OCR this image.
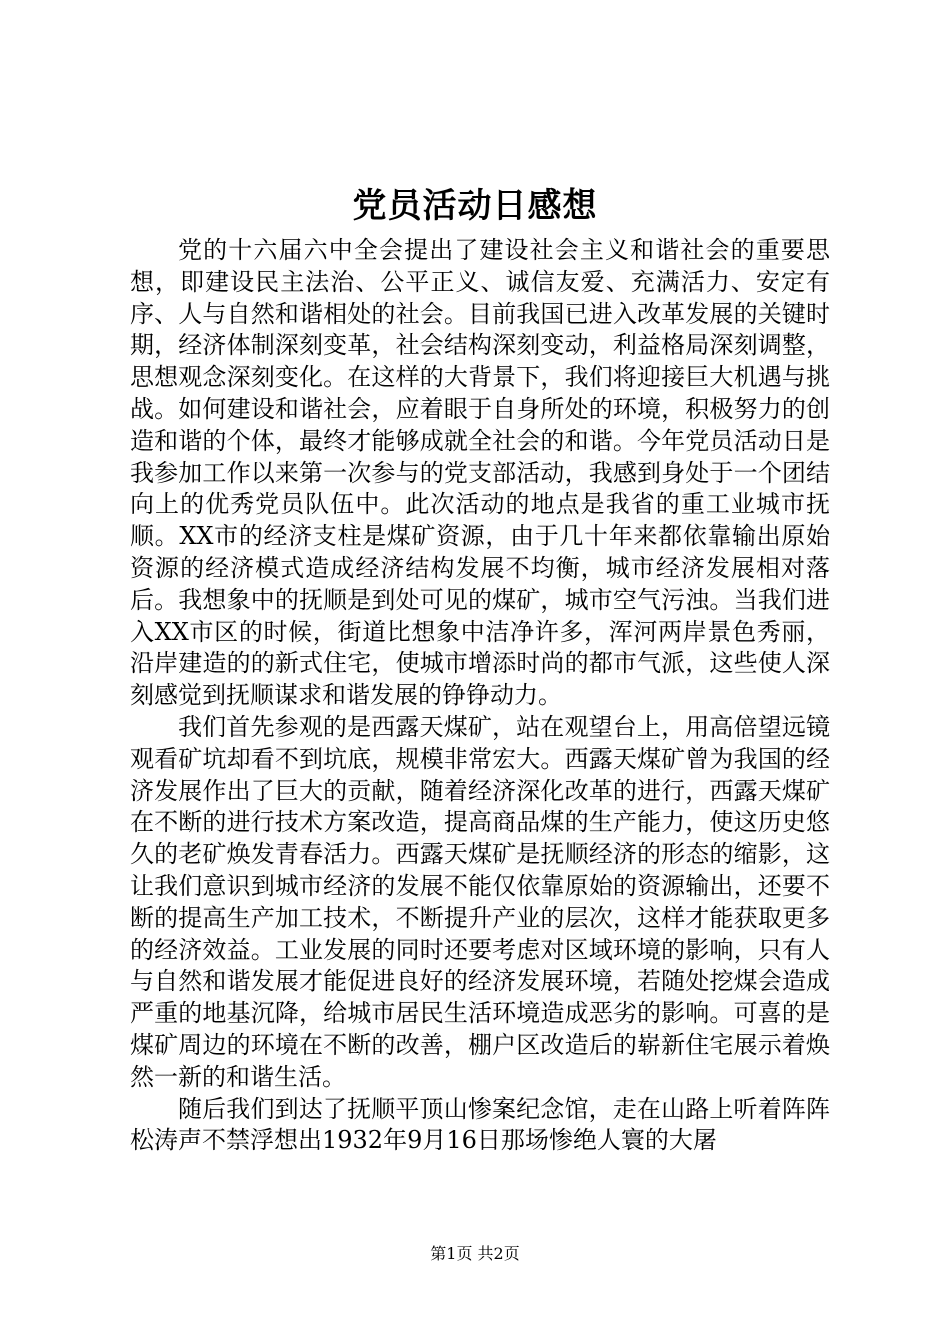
党员活动日感想

党的十六届六中全会提出了建设社会主义和谐社会的重要思想，即建设民主法治、公平正义、诚信友爱、充满活力、安定有序、人与自然和谐相处的社会。目前我国已进入改革发展的关键时期，经济体制深刻变革，社会结构深刻变动，利益格局深刻调整，思想观念深刻变化。在这样的大背景下，我们将迎接巨大机遇与挑战。如何建设和谐社会，应着眼于自身所处的环境，积极努力的创造和谐的个体，最终才能够成就全社会的和谐。今年党员活动日是我参加工作以来第一次参与的党支部活动，我感到身处于一个团结向上的优秀党员队伍中。此次活动的地点是我省的重工业城市抚顺。XX市的经济支柱是煤矿资源，由于几十年来都依靠输出原始资源的经济模式造成经济结构发展不均衡，城市经济发展相对落后。我想象中的抚顺是到处可见的煤矿，城市空气污浊。当我们进入XX市区的时候，街道比想象中洁净许多，浑河两岸景色秀丽，沿岸建造的的新式住宅，使城市增添时尚的都市气派，这些使人深刻感觉到抚顺谋求和谐发展的铮铮动力。

我们首先参观的是西露天煤矿，站在观望台上，用高倍望远镜观看矿坑却看不到坑底，规模非常宏大。西露天煤矿曾为我国的经济发展作出了巨大的贡献，随着经济深化改革的进行，西露天煤矿在不断的进行技术方案改造，提高商品煤的生产能力，使这历史悠久的老矿焕发青春活力。西露天煤矿是抚顺经济的形态的缩影，这让我们意识到城市经济的发展不能仅依靠原始的资源输出，还要不断的提高生产加工技术，不断提升产业的层次，这样才能获取更多的经济效益。工业发展的同时还要考虑对区域环境的影响，只有人与自然和谐发展才能促进良好的经济发展环境，若随处挖煤会造成严重的地基沉降，给城市居民生活环境造成恶劣的影响。可喜的是煤矿周边的环境在不断的改善，棚户区改造后的崭新住宅展示着焕然一新的和谐生活。

随后我们到达了抚顺平顶山惨案纪念馆，走在山路上听着阵阵松涛声不禁浮想出1932年9月16日那场惨绝人寰的大屠

第1页 共2页
